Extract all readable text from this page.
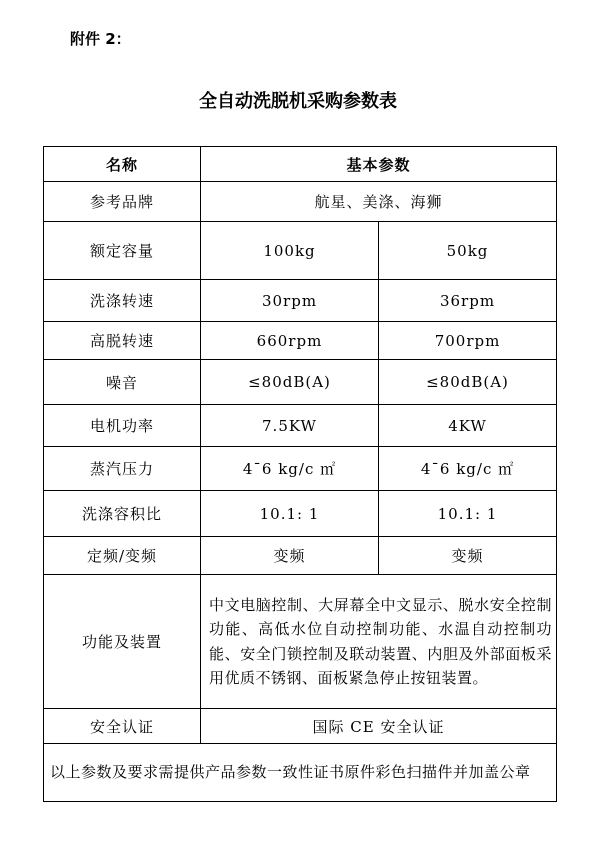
附件 2：
全自动洗脱机采购参数表
名称	基本参数	
参考品牌	航星、美涤、海狮	
额定容量	100kg	50kg
洗涤转速	30rpm	36rpm
高脱转速	660rpm	700rpm
噪音	≤80dB(A)	≤80dB(A)
电机功率	7.5KW	4KW
蒸汽压力	4¯6 kg/c ㎡	4¯6 kg/c ㎡
洗涤容积比	10.1: 1	10.1: 1
定频/变频	变频	变频
功能及装置	中文电脑控制、大屏幕全中文显示、脱水安全控制功能、高低水位自动控制功能、水温自动控制功能、安全门锁控制及联动装置、内胆及外部面板采用优质不锈钢、面板紧急停止按钮装置。	
安全认证	国际 CE 安全认证	
以上参数及要求需提供产品参数一致性证书原件彩色扫描件并加盖公章		
